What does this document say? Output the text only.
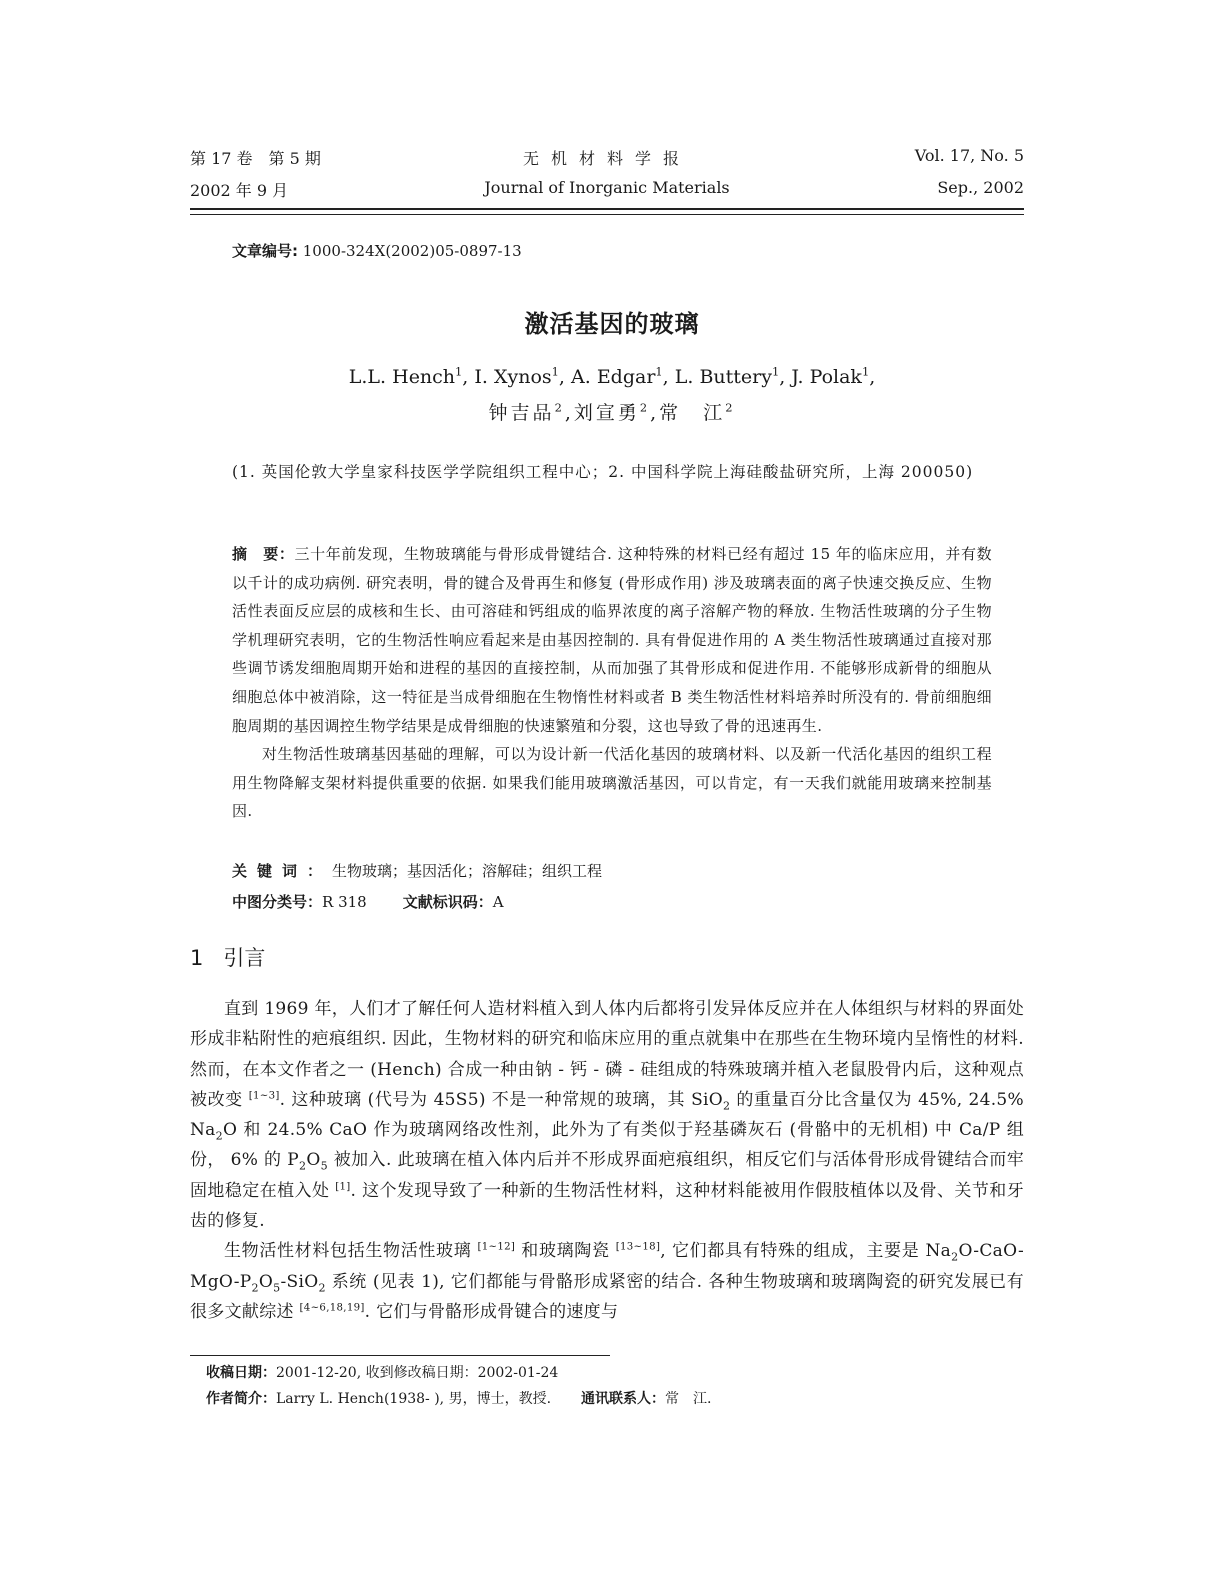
第 17 卷　第 5 期	无机材料学报	Vol. 17, No. 5
2002 年 9 月	Journal of Inorganic Materials	Sep., 2002
文章编号: 1000-324X(2002)05-0897-13
激活基因的玻璃
L.L. Hench$^1$, I. Xynos$^1$, A. Edgar$^1$, L. Buttery$^1$, J. Polak$^1$,
钟吉品$^2$,刘宣勇$^2$,常　江$^2$
(1. 英国伦敦大学皇家科技医学学院组织工程中心；2. 中国科学院上海硅酸盐研究所，上海 200050)

摘　要：三十年前发现，生物玻璃能与骨形成骨键结合. 这种特殊的材料已经有超过 15 年的临床应用，并有数以千计的成功病例. 研究表明，骨的键合及骨再生和修复 (骨形成作用) 涉及玻璃表面的离子快速交换反应、生物活性表面反应层的成核和生长、由可溶硅和钙组成的临界浓度的离子溶解产物的释放. 生物活性玻璃的分子生物学机理研究表明，它的生物活性响应看起来是由基因控制的. 具有骨促进作用的 A 类生物活性玻璃通过直接对那些调节诱发细胞周期开始和进程的基因的直接控制，从而加强了其骨形成和促进作用. 不能够形成新骨的细胞从细胞总体中被消除，这一特征是当成骨细胞在生物惰性材料或者 B 类生物活性材料培养时所没有的. 骨前细胞细胞周期的基因调控生物学结果是成骨细胞的快速繁殖和分裂，这也导致了骨的迅速再生.

对生物活性玻璃基因基础的理解，可以为设计新一代活化基因的玻璃材料、以及新一代活化基因的组织工程用生物降解支架材料提供重要的依据. 如果我们能用玻璃激活基因，可以肯定，有一天我们就能用玻璃来控制基因.

关键词：生物玻璃；基因活化；溶解硅；组织工程
中图分类号：R 318 文献标识码：A
1 引言

直到 1969 年，人们才了解任何人造材料植入到人体内后都将引发异体反应并在人体组织与材料的界面处形成非粘附性的疤痕组织. 因此，生物材料的研究和临床应用的重点就集中在那些在生物环境内呈惰性的材料. 然而，在本文作者之一 (Hench) 合成一种由钠 - 钙 - 磷 - 硅组成的特殊玻璃并植入老鼠股骨内后，这种观点被改变 [1~3]. 这种玻璃 (代号为 45S5) 不是一种常规的玻璃，其 SiO$_2$ 的重量百分比含量仅为 45%, 24.5% $Na_2O$ 和 24.5% CaO 作为玻璃网络改性剂，此外为了有类似于羟基磷灰石 (骨骼中的无机相) 中 Ca/P 组份， 6% 的 $P_2O_5$ 被加入. 此玻璃在植入体内后并不形成界面疤痕组织，相反它们与活体骨形成骨键结合而牢固地稳定在植入处 [1]. 这个发现导致了一种新的生物活性材料，这种材料能被用作假肢植体以及骨、关节和牙齿的修复.

生物活性材料包括生物活性玻璃 [1~12] 和玻璃陶瓷 [13~18], 它们都具有特殊的组成，主要是 $Na_2O-CaO-MgO-P_2O_5-SiO_2$ 系统 (见表 1), 它们都能与骨骼形成紧密的结合. 各种生物玻璃和玻璃陶瓷的研究发展已有很多文献综述 [4~6,18,19]. 它们与骨骼形成骨键合的速度与

收稿日期：2001-12-20, 收到修改稿日期：2002-01-24
作者简介：Larry L. Hench(1938- ), 男，博士，教授. 通讯联系人：常　江.
